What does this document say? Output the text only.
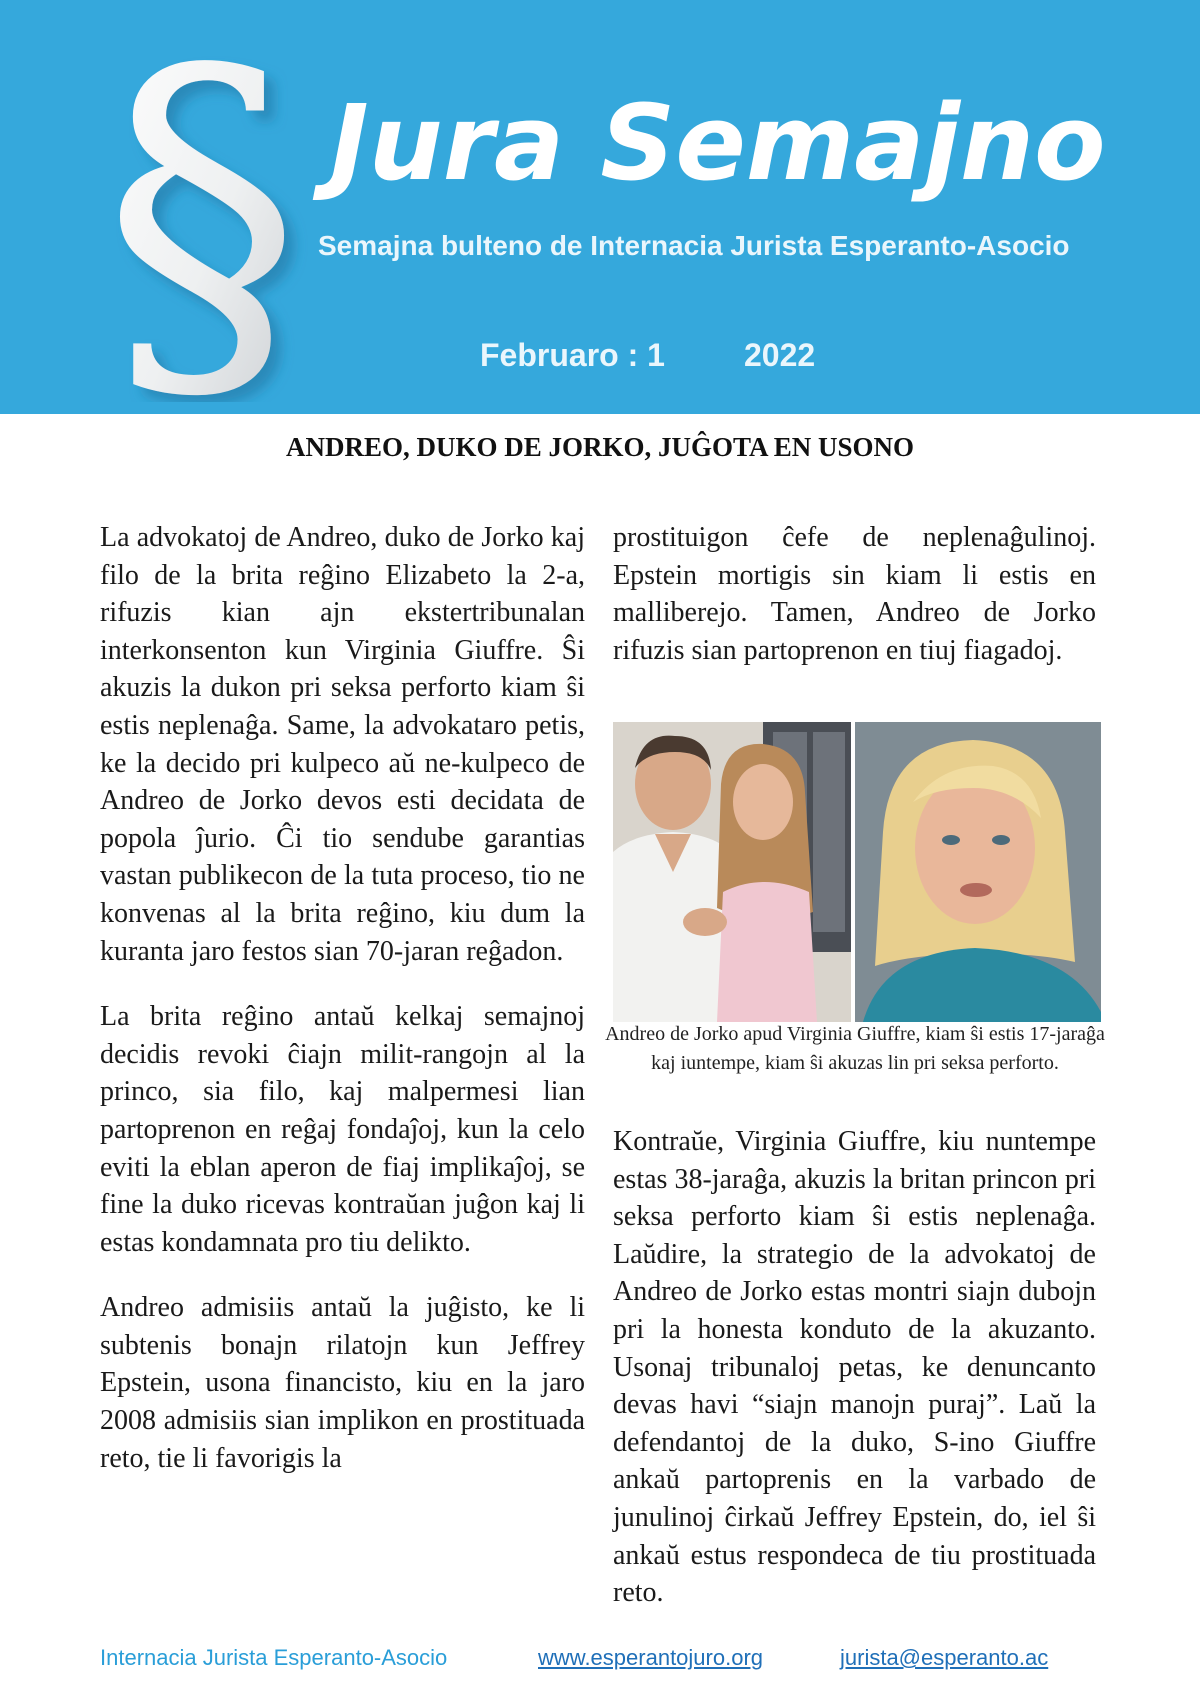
§ Jura Semajno
Semajna bulteno de Internacia Jurista Esperanto-Asocio
Februaro : 1 2022
ANDREO, DUKO DE JORKO, JUĜOTA EN USONO

La advokatoj de Andreo, duko de Jorko kaj filo de la brita reĝino Elizabeto la 2-a, rifuzis kian ajn ekstertribunalan interkonsenton kun Virginia Giuffre. Ŝi akuzis la dukon pri seksa perforto kiam ŝi estis neplenaĝa. Same, la advokataro petis, ke la decido pri kulpeco aŭ ne-kulpeco de Andreo de Jorko devos esti decidata de popola ĵurio. Ĉi tio sendube garantias vastan publikecon de la tuta proceso, tio ne konvenas al la brita reĝino, kiu dum la kuranta jaro festos sian 70-jaran reĝadon.

La brita reĝino antaŭ kelkaj semajnoj decidis revoki ĉiajn milit-rangojn al la princo, sia filo, kaj malpermesi lian partoprenon en reĝaj fondaĵoj, kun la celo eviti la eblan aperon de fiaj implikaĵoj, se fine la duko ricevas kontraŭan juĝon kaj li estas kondamnata pro tiu delikto.

Andreo admisiis antaŭ la juĝisto, ke li subtenis bonajn rilatojn kun Jeffrey Epstein, usona financisto, kiu en la jaro 2008 admisiis sian implikon en prostituada reto, tie li favorigis la

prostituigon ĉefe de neplenaĝulinoj. Epstein mortigis sin kiam li estis en malliberejo. Tamen, Andreo de Jorko rifuzis sian partoprenon en tiuj fiagadoj.

Andreo de Jorko apud Virginia Giuffre, kiam ŝi estis 17-jaraĝa kaj iuntempe, kiam ŝi akuzas lin pri seksa perforto.

Kontraŭe, Virginia Giuffre, kiu nuntempe estas 38-jaraĝa, akuzis la britan princon pri seksa perforto kiam ŝi estis neplenaĝa. Laŭdire, la strategio de la advokatoj de Andreo de Jorko estas montri siajn dubojn pri la honesta konduto de la akuzanto. Usonaj tribunaloj petas, ke denuncanto devas havi “siajn manojn puraj”. Laŭ la defendantoj de la duko, S-ino Giuffre ankaŭ partoprenis en la varbado de junulinoj ĉirkaŭ Jeffrey Epstein, do, iel ŝi ankaŭ estus respondeca de tiu prostituada reto.

Internacia Jurista Esperanto-Asocio	www.esperantojuro.org	jurista@esperanto.ac
